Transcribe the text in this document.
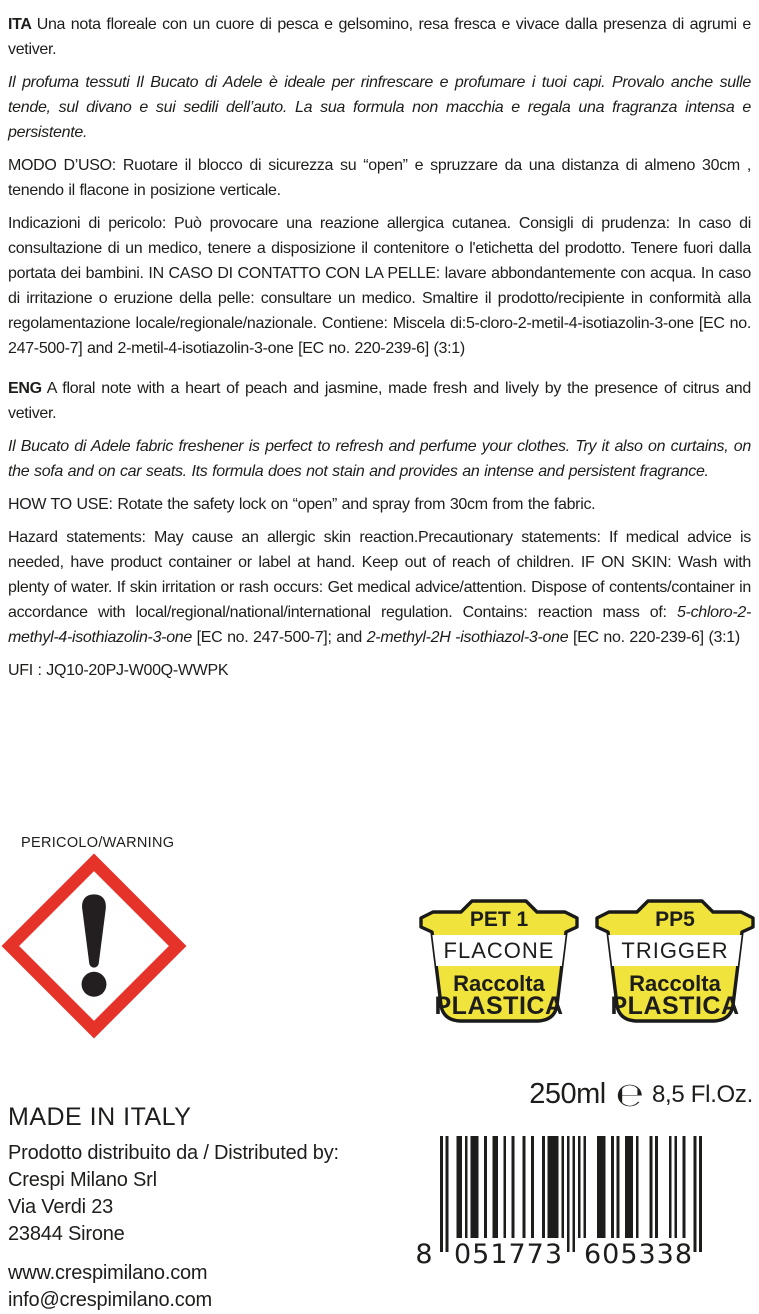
ITA Una nota floreale con un cuore di pesca e gelsomino, resa fresca e vivace dalla presenza di agrumi e vetiver.

Il profuma tessuti Il Bucato di Adele è ideale per rinfrescare e profumare i tuoi capi. Provalo anche sulle tende, sul divano e sui sedili dell’auto. La sua formula non macchia e regala una fragranza intensa e persistente.

MODO D’USO: Ruotare il blocco di sicurezza su “open” e spruzzare da una distanza di almeno 30cm , tenendo il flacone in posizione verticale.

Indicazioni di pericolo: Può provocare una reazione allergica cutanea. Consigli di prudenza: In caso di consultazione di un medico, tenere a disposizione il contenitore o l'etichetta del prodotto. Tenere fuori dalla portata dei bambini. IN CASO DI CONTATTO CON LA PELLE: lavare abbondantemente con acqua. In caso di irritazione o eruzione della pelle: consultare un medico. Smaltire il prodotto/recipiente in conformità alla regolamentazione locale/regionale/nazionale. Contiene: Miscela di:5-cloro-2-metil-4-isotiazolin-3-one [EC no. 247-500-7] and 2-metil-4-isotiazolin-3-one [EC no. 220-239-6] (3:1)

ENG A floral note with a heart of peach and jasmine, made fresh and lively by the presence of citrus and vetiver.

Il Bucato di Adele fabric freshener is perfect to refresh and perfume your clothes. Try it also on curtains, on the sofa and on car seats. Its formula does not stain and provides an intense and persistent fragrance.

HOW TO USE: Rotate the safety lock on “open” and spray from 30cm from the fabric.

Hazard statements: May cause an allergic skin reaction.Precautionary statements: If medical advice is needed, have product container or label at hand. Keep out of reach of children. IF ON SKIN: Wash with plenty of water. If skin irritation or rash occurs: Get medical advice/attention. Dispose of contents/container in accordance with local/regional/national/international regulation. Contains: reaction mass of: 5-chloro-2-methyl-4-isothiazolin-3-one [EC no. 247-500-7]; and 2-methyl-2H -isothiazol-3-one [EC no. 220-239-6] (3:1)

UFI : JQ10-20PJ-W00Q-WWPK

PERICOLO/WARNING
PET 1
FLACONE
Raccolta
PLASTICA
PP5
TRIGGER
Raccolta
PLASTICA
250ml ℮ 8,5 Fl.Oz.
MADE IN ITALY
Prodotto distribuito da / Distributed by:
Crespi Milano Srl
Via Verdi 23
23844 Sirone
www.crespimilano.com
info@crespimilano.com
8 051773 605338
